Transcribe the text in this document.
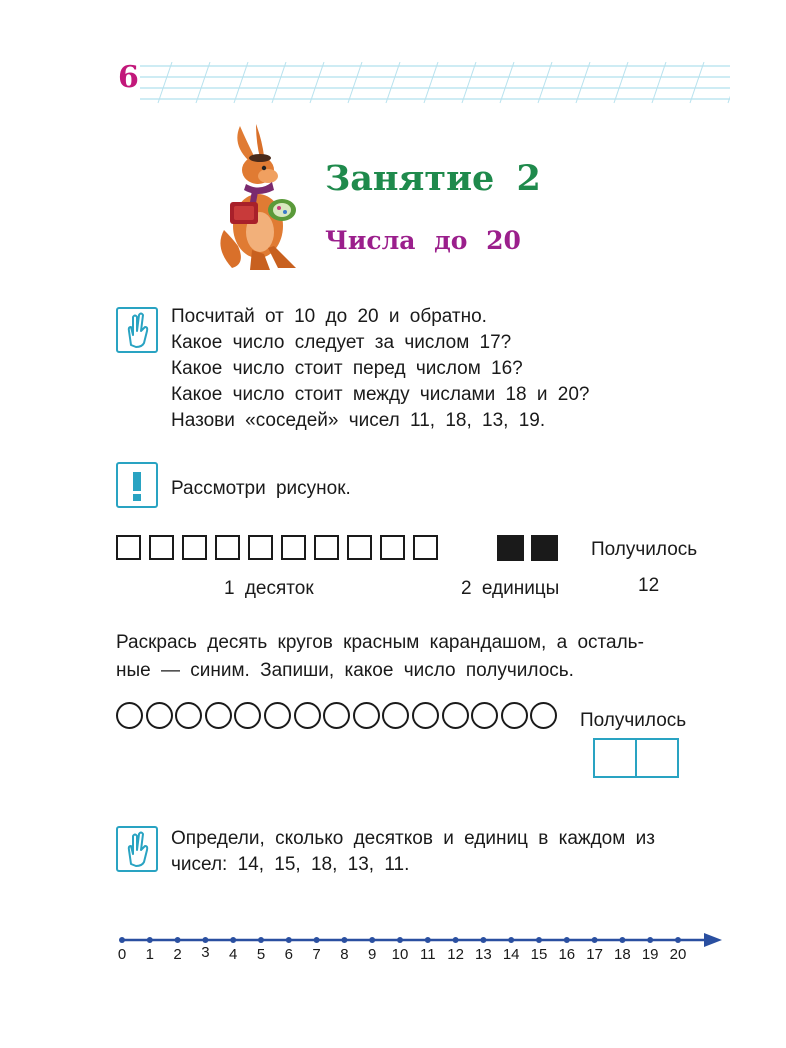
6
Занятие 2
Числа до 20
Посчитай от 10 до 20 и обратно.
Какое число следует за числом 17?
Какое число стоит перед числом 16?
Какое число стоит между числами 18 и 20?
Назови «соседей» чисел 11, 18, 13, 19.
Рассмотри рисунок.
Получилось
1 десяток	2 единицы	12
Раскрась десять кругов красным карандашом, а осталь-
ные — синим. Запиши, какое число получилось.
Получилось
Определи, сколько десятков и единиц в каждом из
чисел: 14, 15, 18, 13, 11.
0	1	2	3	4	5	6	7	8	9	10 11 12 13 14 15 16 17 18 19 20
